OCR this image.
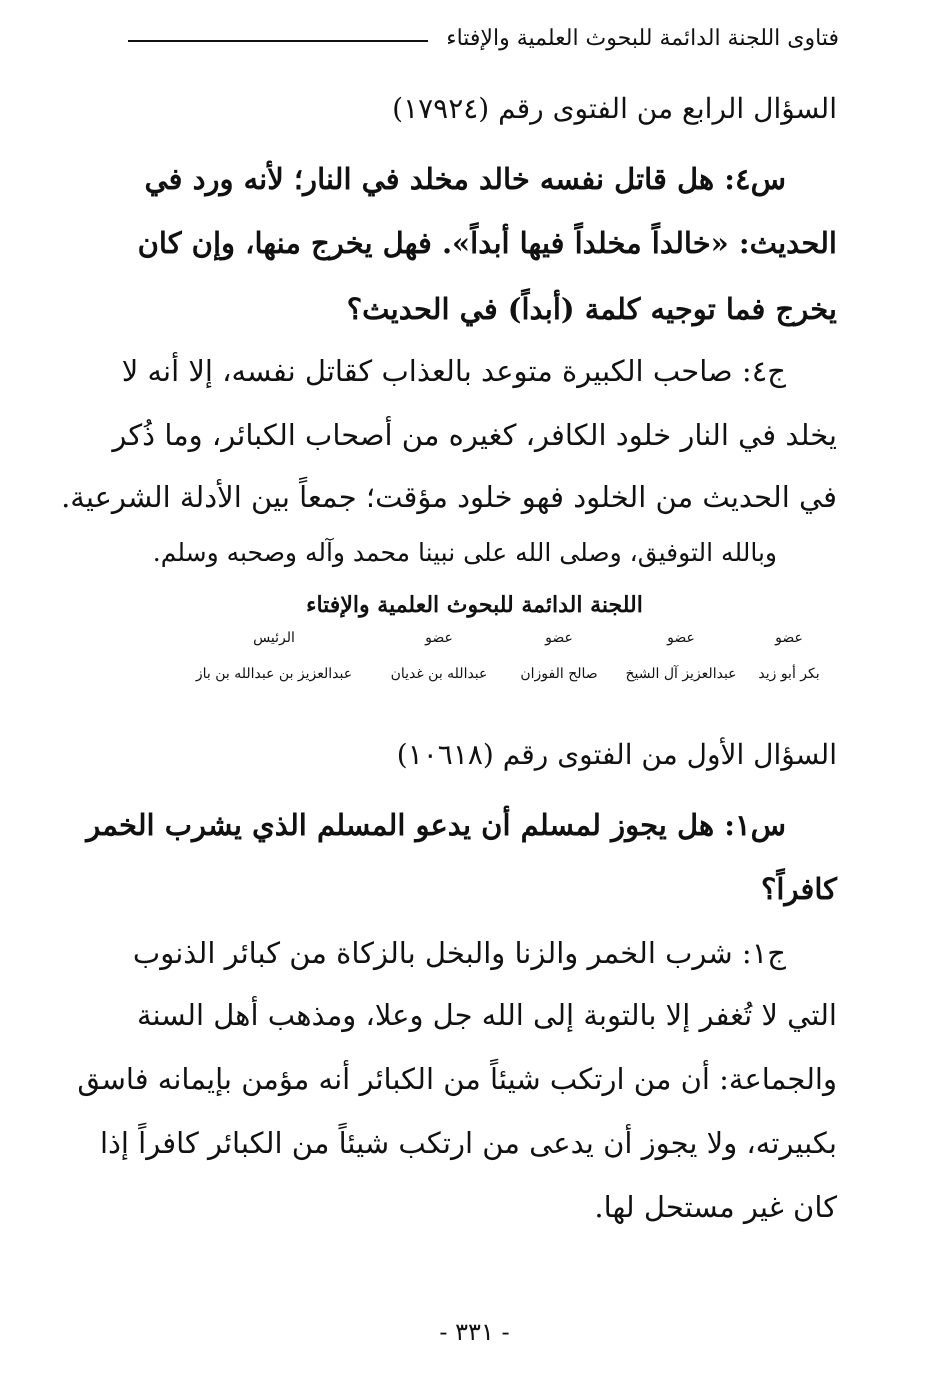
فتاوى اللجنة الدائمة للبحوث العلمية والإفتاء
السؤال الرابع من الفتوى رقم (١٧٩٢٤)
س٤: هل قاتل نفسه خالد مخلد في النار؛ لأنه ورد في
الحديث: «خالداً مخلداً فيها أبداً». فهل يخرج منها، وإن كان
يخرج فما توجيه كلمة (أبداً) في الحديث؟
ج٤: صاحب الكبيرة متوعد بالعذاب كقاتل نفسه، إلا أنه لا
يخلد في النار خلود الكافر، كغيره من أصحاب الكبائر، وما ذُكر
في الحديث من الخلود فهو خلود مؤقت؛ جمعاً بين الأدلة الشرعية.
وبالله التوفيق، وصلى الله على نبينا محمد وآله وصحبه وسلم.
اللجنة الدائمة للبحوث العلمية والإفتاء
عضو
بكر أبو زيد
عضو
عبدالعزيز آل الشيخ
عضو
صالح الفوزان
عضو
عبدالله بن غديان
الرئيس
عبدالعزيز بن عبدالله بن باز
السؤال الأول من الفتوى رقم (١٠٦١٨)
س١: هل يجوز لمسلم أن يدعو المسلم الذي يشرب الخمر
كافراً؟
ج١: شرب الخمر والزنا والبخل بالزكاة من كبائر الذنوب
التي لا تُغفر إلا بالتوبة إلى الله جل وعلا، ومذهب أهل السنة
والجماعة: أن من ارتكب شيئاً من الكبائر أنه مؤمن بإيمانه فاسق
بكبيرته، ولا يجوز أن يدعى من ارتكب شيئاً من الكبائر كافراً إذا
كان غير مستحل لها.
- ٣٣١ -
